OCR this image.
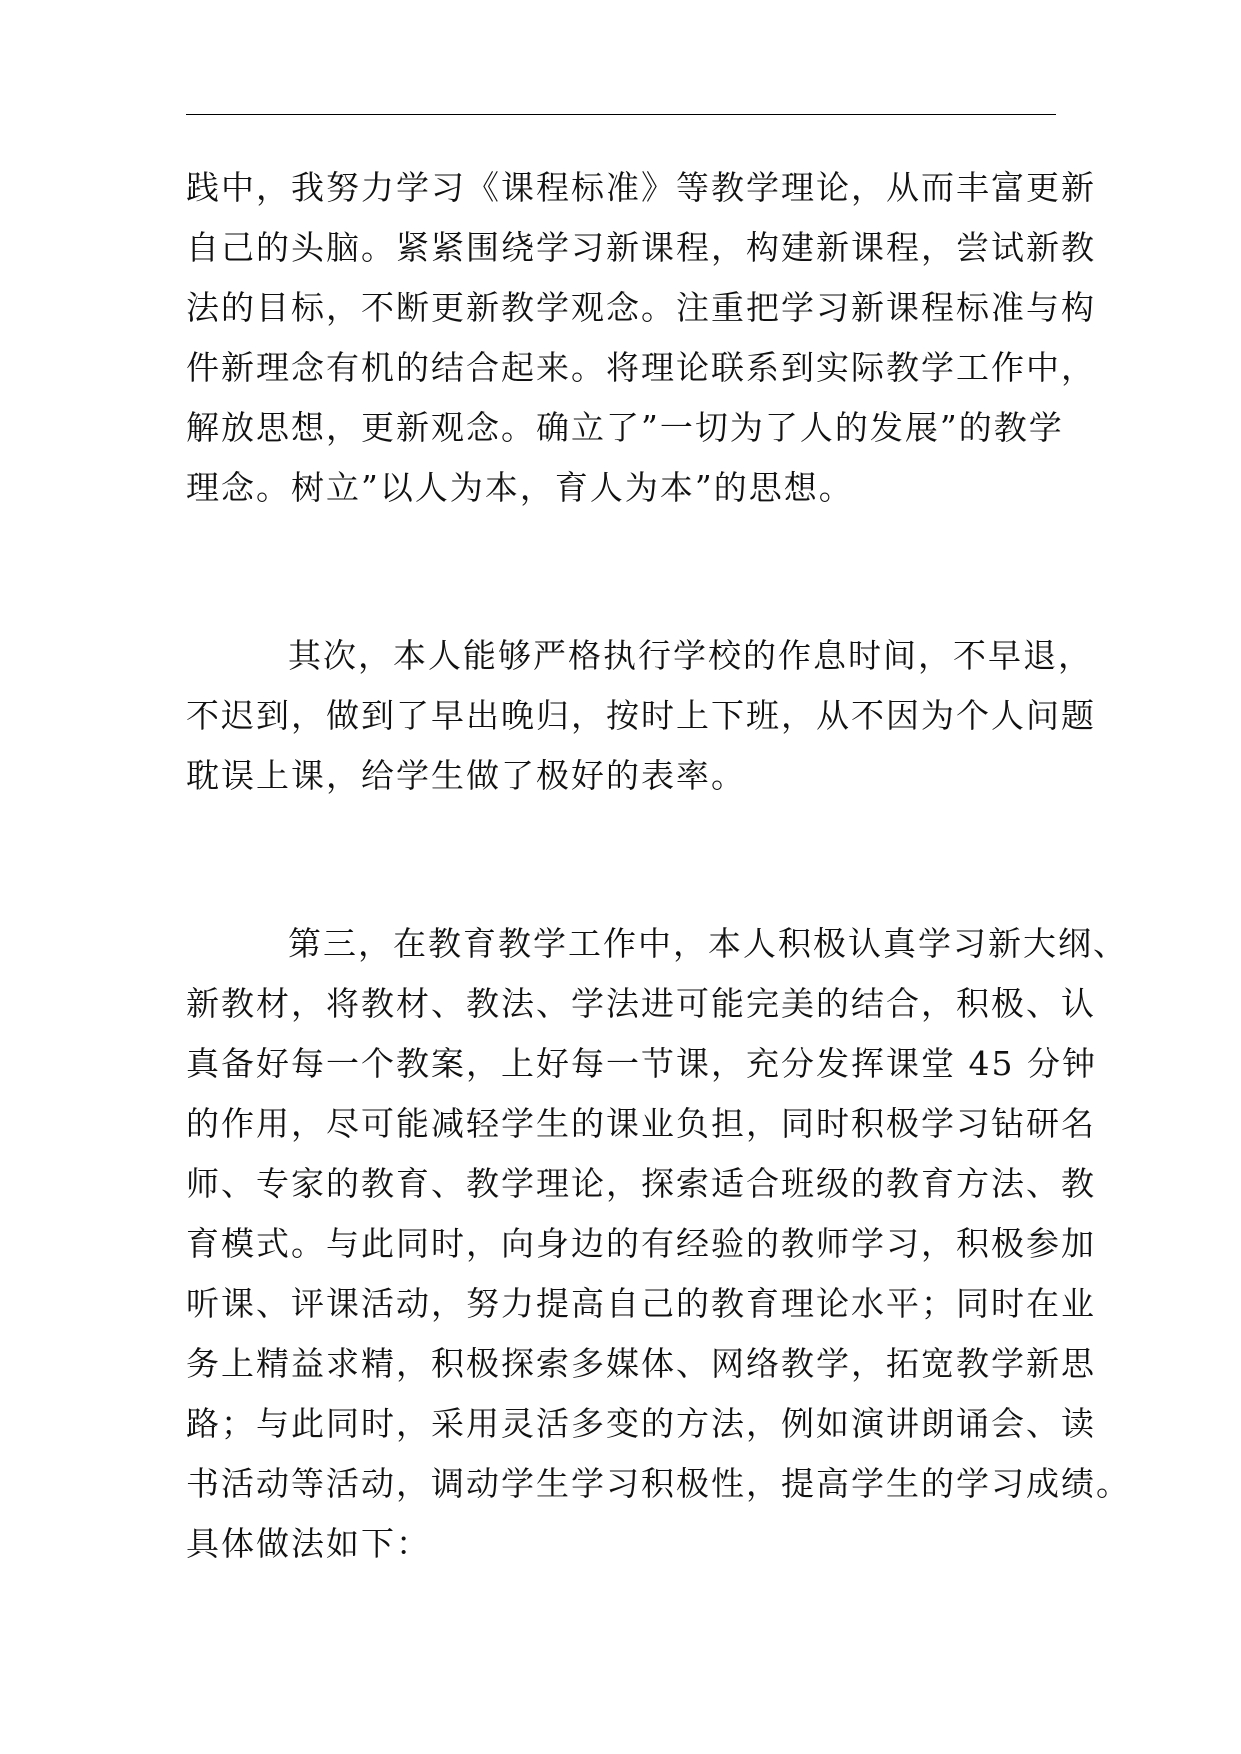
践中，我努力学习《课程标准》等教学理论，从而丰富更新
自己的头脑。紧紧围绕学习新课程，构建新课程，尝试新教
法的目标，不断更新教学观念。注重把学习新课程标准与构
件新理念有机的结合起来。将理论联系到实际教学工作中，
解放思想，更新观念。确立了”一切为了人的发展”的教学
理念。树立”以人为本，育人为本”的思想。
其次，本人能够严格执行学校的作息时间，不早退，
不迟到，做到了早出晚归，按时上下班，从不因为个人问题
耽误上课，给学生做了极好的表率。
第三，在教育教学工作中，本人积极认真学习新大纲、
新教材，将教材、教法、学法进可能完美的结合，积极、认
真备好每一个教案，上好每一节课，充分发挥课堂 45 分钟
的作用，尽可能减轻学生的课业负担，同时积极学习钻研名
师、专家的教育、教学理论，探索适合班级的教育方法、教
育模式。与此同时，向身边的有经验的教师学习，积极参加
听课、评课活动，努力提高自己的教育理论水平；同时在业
务上精益求精，积极探索多媒体、网络教学，拓宽教学新思
路；与此同时，采用灵活多变的方法，例如演讲朗诵会、读
书活动等活动，调动学生学习积极性，提高学生的学习成绩。
具体做法如下：
